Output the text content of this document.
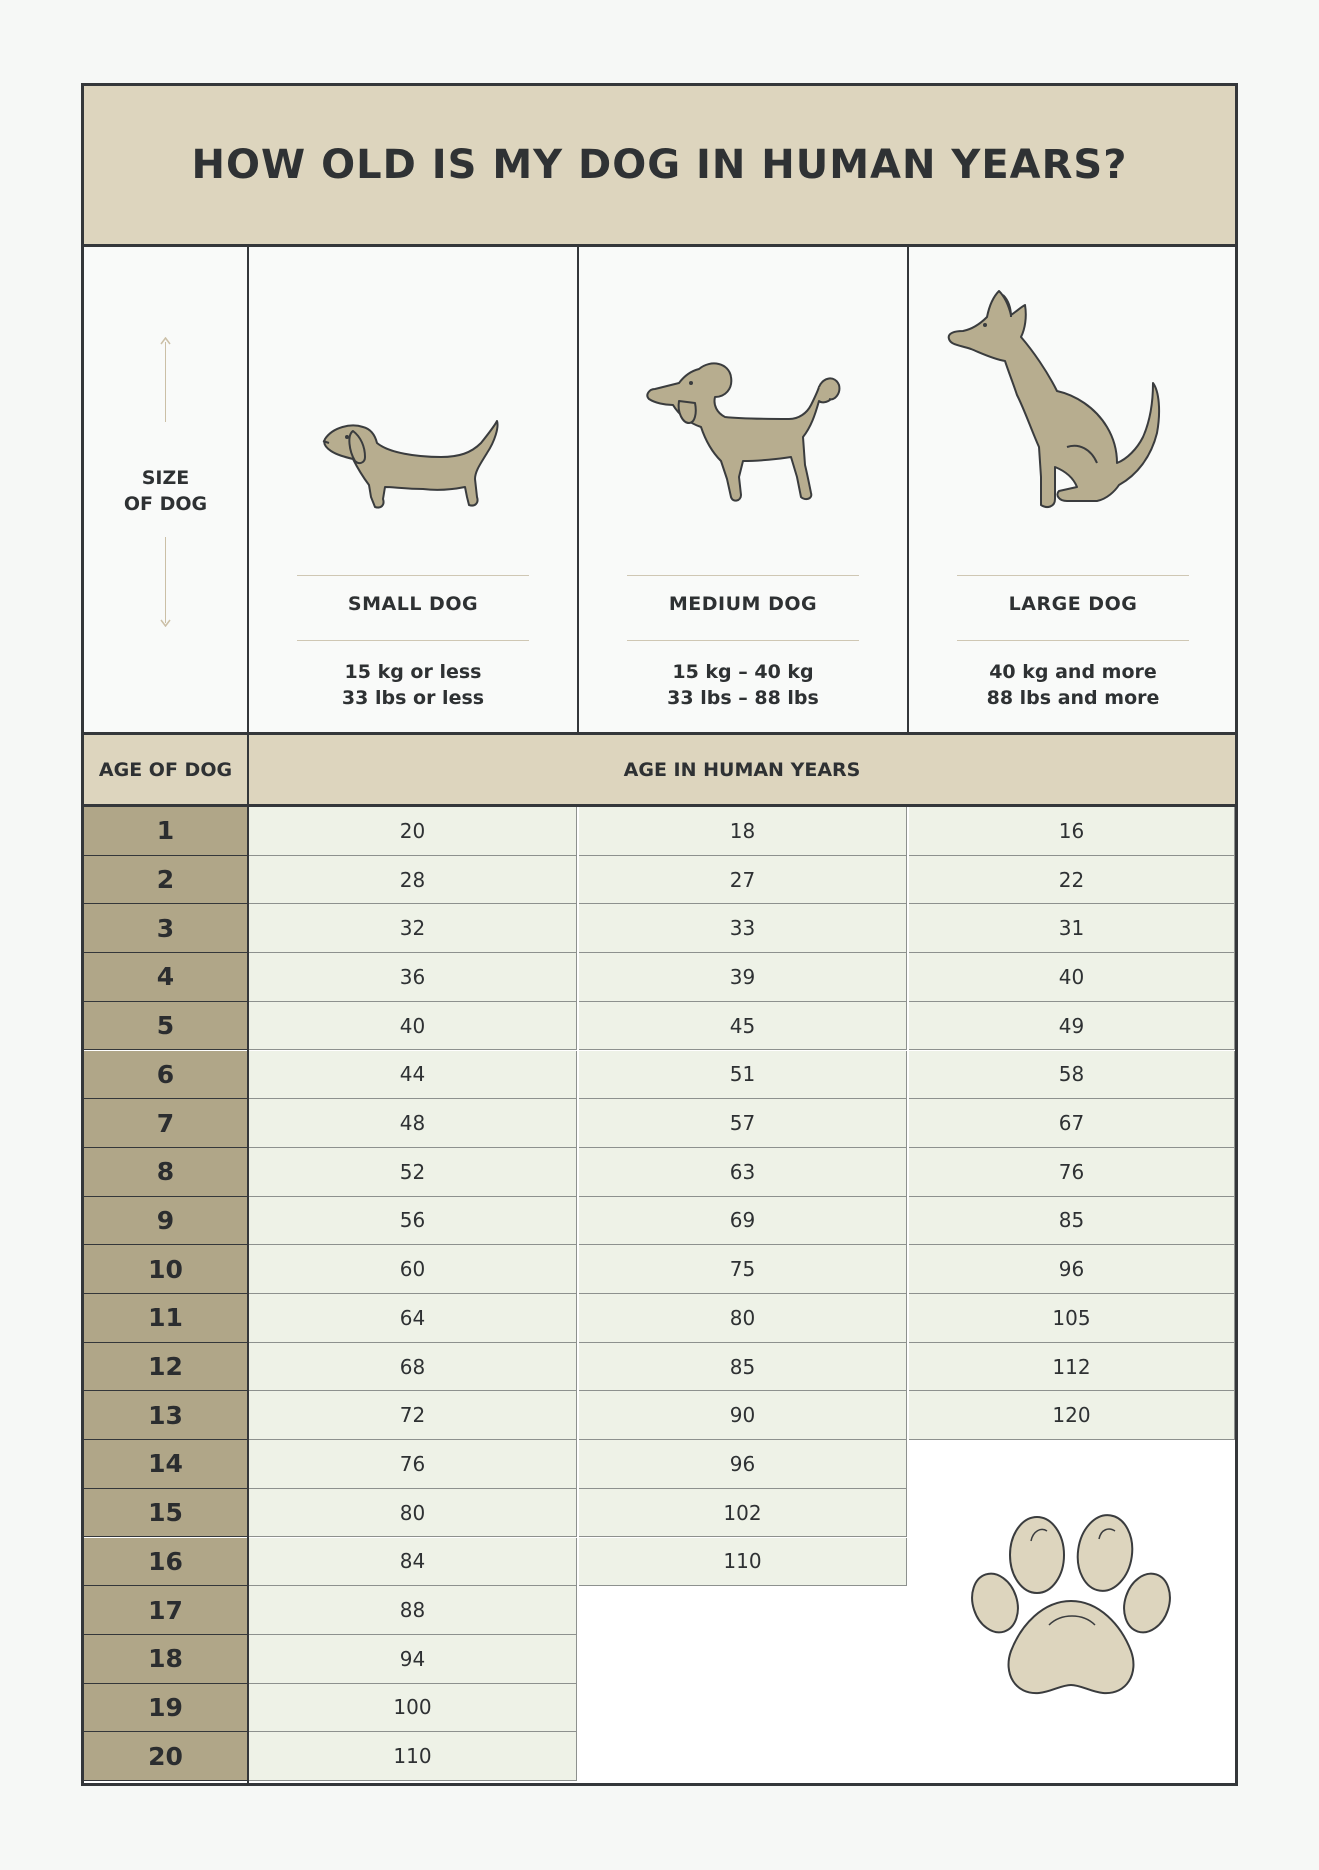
HOW OLD IS MY DOG IN HUMAN YEARS?
SIZE
OF DOG
SMALL DOG
15 kg or less
33 lbs or less
MEDIUM DOG
15 kg – 40 kg
33 lbs – 88 lbs
LARGE DOG
40 kg and more
88 lbs and more
AGE OF DOG	AGE IN HUMAN YEARS
1	20	18	16
2	28	27	22
3	32	33	31
4	36	39	40
5	40	45	49
6	44	51	58
7	48	57	67
8	52	63	76
9	56	69	85
10	60	75	96
11	64	80	105
12	68	85	112
13	72	90	120
14	76	96
15	80	102
16	84	110
17	88
18	94
19	100
20	110
